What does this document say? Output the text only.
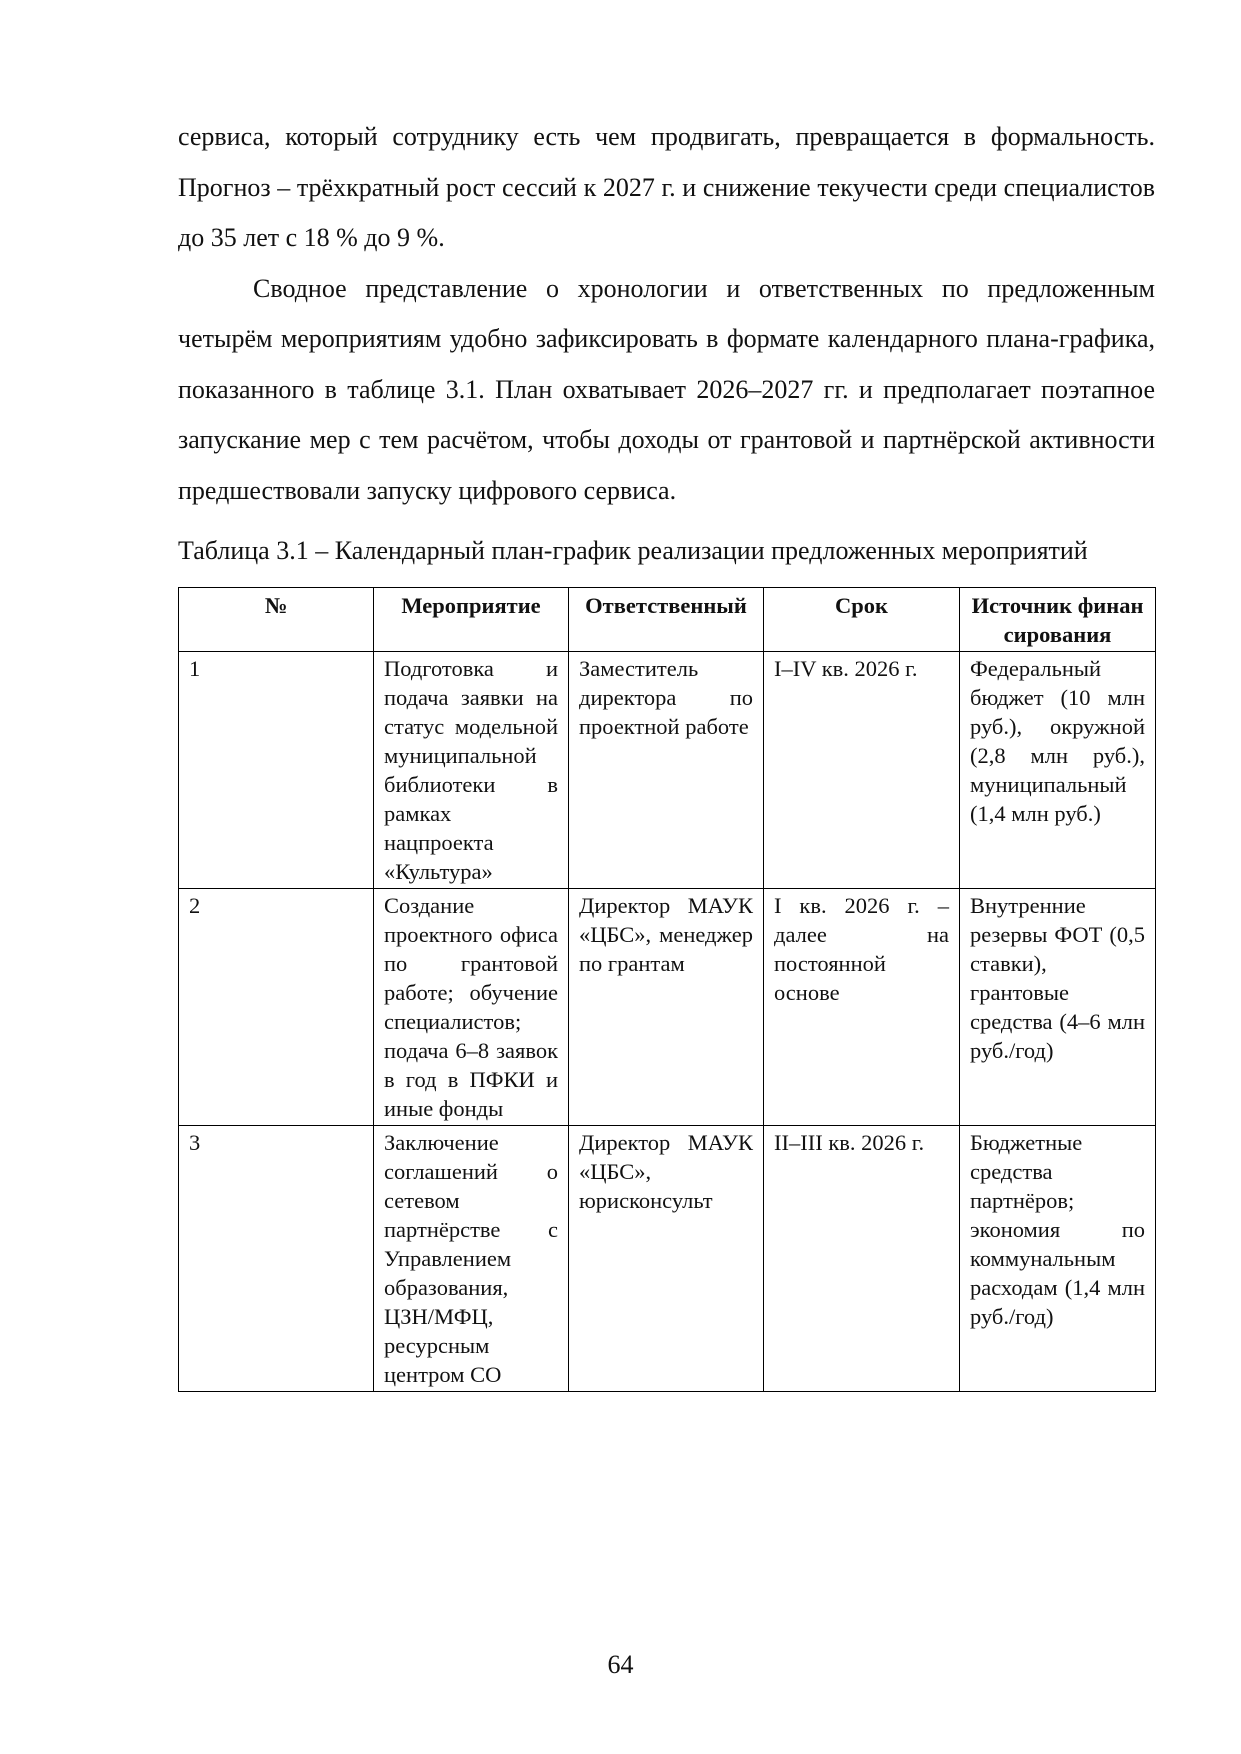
сервиса, который сотруднику есть чем продвигать, превращается в формальность. Прогноз – трёхкратный рост сессий к 2027 г. и снижение текучести среди специалистов до 35 лет с 18 % до 9 %.

Сводное представление о хронологии и ответственных по предложенным четырём мероприятиям удобно зафиксировать в формате календарного плана-графика, показанного в таблице 3.1. План охватывает 2026–2027 гг. и предполагает поэтапное запускание мер с тем расчётом, чтобы доходы от грантовой и партнёрской активности предшествовали запуску цифрового сервиса.

Таблица 3.1 – Календарный план-график реализации предложенных мероприятий

№	Мероприятие	Ответственный	Срок	Источник финансирования
1	Подготовка и подача заявки на статус модельной муниципальной библиотеки в рамках нацпроекта «Культура»	Заместитель директора по проектной работе	I–IV кв. 2026 г.	Федеральный бюджет (10 млн руб.), окружной (2,8 млн руб.), муниципальный (1,4 млн руб.)
2	Создание проектного офиса по грантовой работе; обучение специалистов; подача 6–8 заявок в год в ПФКИ и иные фонды	Директор МАУК «ЦБС», менеджер по грантам	I кв. 2026 г. – далее на постоянной основе	Внутренние резервы ФОТ (0,5 ставки), грантовые средства (4–6 млн руб./год)
3	Заключение соглашений о сетевом партнёрстве с Управлением образования, ЦЗН/МФЦ, ресурсным центром СО	Директор МАУК «ЦБС», юрисконсульт	II–III кв. 2026 г.	Бюджетные средства партнёров; экономия по коммунальным расходам (1,4 млн руб./год)
64
